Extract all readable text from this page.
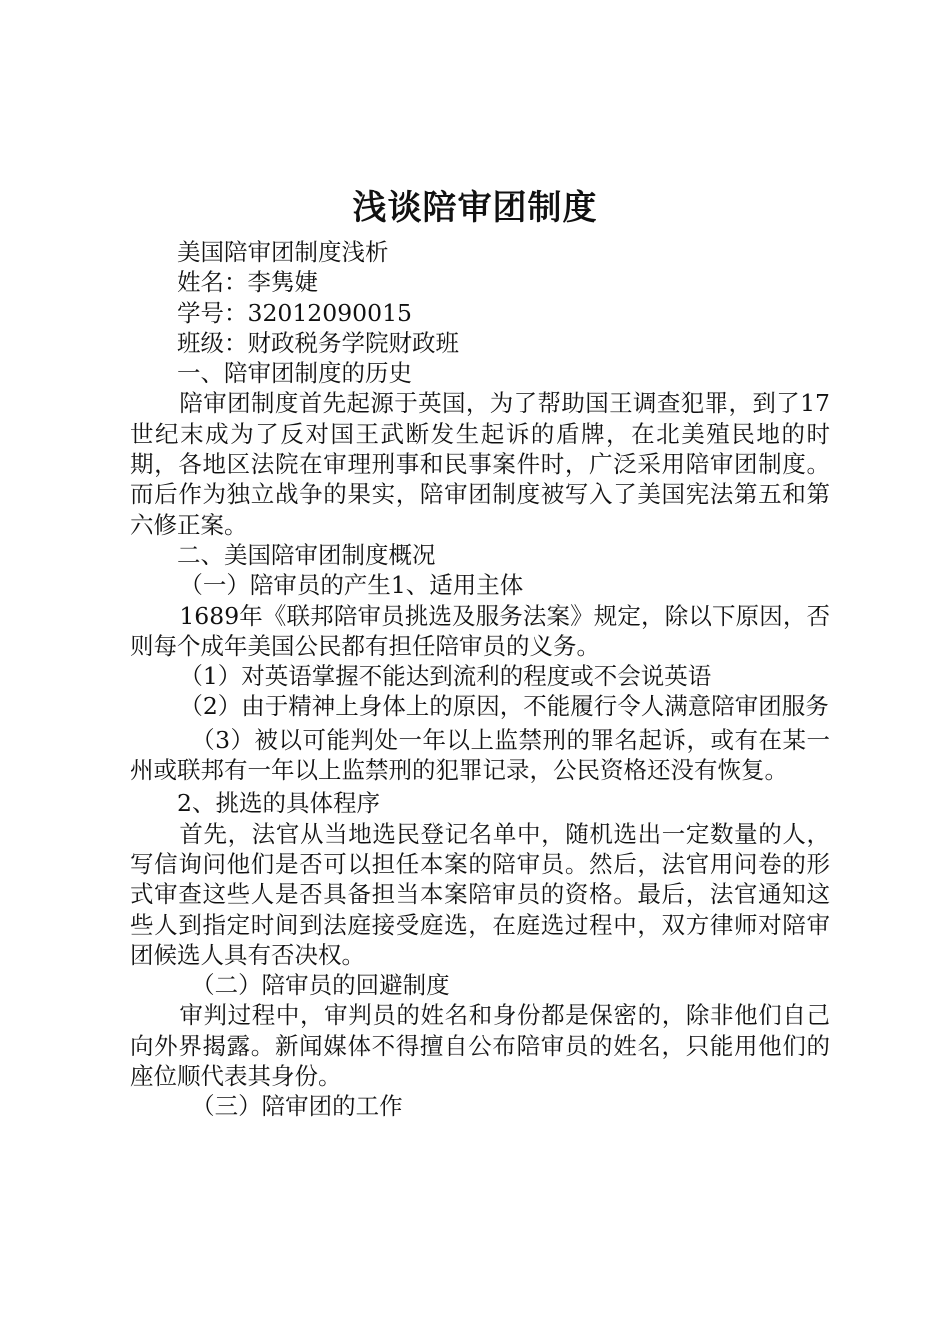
浅谈陪审团制度

美国陪审团制度浅析

姓名：李隽婕

学号：32012090015

班级：财政税务学院财政班

一、陪审团制度的历史

陪审团制度首先起源于英国，为了帮助国王调查犯罪，到了17世纪末成为了反对国王武断发生起诉的盾牌，在北美殖民地的时期，各地区法院在审理刑事和民事案件时，广泛采用陪审团制度。而后作为独立战争的果实，陪审团制度被写入了美国宪法第五和第六修正案。

二、美国陪审团制度概况

（一）陪审员的产生1、适用主体

1689年《联邦陪审员挑选及服务法案》规定，除以下原因，否则每个成年美国公民都有担任陪审员的义务。

（1）对英语掌握不能达到流利的程度或不会说英语

（2）由于精神上身体上的原因，不能履行令人满意陪审团服务

（3）被以可能判处一年以上监禁刑的罪名起诉，或有在某一州或联邦有一年以上监禁刑的犯罪记录，公民资格还没有恢复。

2、挑选的具体程序

首先，法官从当地选民登记名单中，随机选出一定数量的人，写信询问他们是否可以担任本案的陪审员。然后，法官用问卷的形式审查这些人是否具备担当本案陪审员的资格。最后，法官通知这些人到指定时间到法庭接受庭选，在庭选过程中，双方律师对陪审团候选人具有否决权。

（二）陪审员的回避制度

审判过程中，审判员的姓名和身份都是保密的，除非他们自己向外界揭露。新闻媒体不得擅自公布陪审员的姓名，只能用他们的座位顺代表其身份。

（三）陪审团的工作
